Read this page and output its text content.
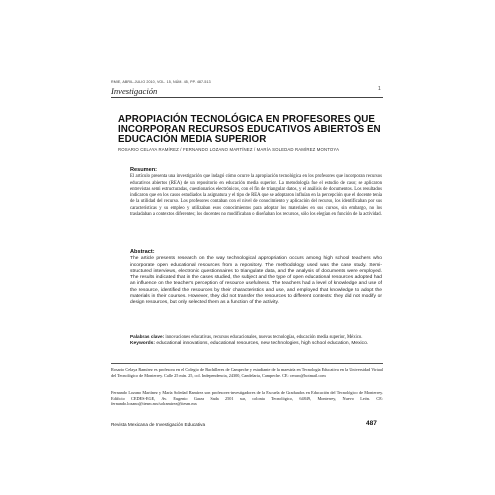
RMIE, ABRIL-JULIO 2010, VOL. 15, NÚM. 45, PP. 487-513
Investigación	1
APROPIACIÓN TECNOLÓGICA EN PROFESORES QUE INCORPORAN RECURSOS EDUCATIVOS ABIERTOS EN EDUCACIÓN MEDIA SUPERIOR
ROSARIO CELAYA RAMÍREZ / FERNANDO LOZANO MARTÍNEZ / MARÍA SOLEDAD RAMÍREZ MONTOYA
Resumen:
El artículo presenta una investigación que indagó cómo ocurre la apropiación tecnológica en los profesores que incorporan recursos educativos abiertos (REA) de un repositorio en educación media superior. La metodología fue el estudio de caso; se aplicaron entrevistas semi estructuradas, cuestionarios electrónicos, con el fin de triangular datos, y el análisis de documentos. Los resultados indicaron que en los casos estudiados la asignatura y el tipo de REA que se adoptaron influían en la percepción que el docente tenía de la utilidad del recurso. Los profesores contaban con el nivel de conocimiento y aplicación del recurso, los identificaban por sus características y su empleo y utilizaban esos conocimientos para adoptar los materiales en sus cursos, sin embargo, no los trasladaban a contextos diferentes; los docentes no modificaban o diseñaban los recursos, sólo los elegían en función de la actividad.
Abstract:
The article presents research on the way technological appropriation occurs among high school teachers who incorporate open educational resources from a repository. The methodology used was the case study. Semi-structured interviews, electronic questionnaires to triangulate data, and the analysis of documents were employed. The results indicated that in the cases studied, the subject and the type of open educational resources adopted had an influence on the teacher's perception of resource usefulness. The teachers had a level of knowledge and use of the resource, identified the resources by their characteristics and use, and employed that knowledge to adopt the materials in their courses. However, they did not transfer the resources to different contexts: they did not modify or design resources, but only selected them as a function of the activity.
Palabras clave: innovaciones educativas, recursos educacionales, nuevas tecnologías, educación media superior, México.
Keywords: educational innovations, educational resources, new technologies, high school education, Mexico.
Rosario Celaya Ramírez es profesora en el Colegio de Bachilleres de Campeche y estudiante de la maestría en Tecnología Educativa en la Universidad Virtual del Tecnológico de Monterrey. Calle 25 mín. 25, col. Independencia, 24300, Candelaria, Campeche. CE: ceraro@hotmail.com
Fernando Lozano Martínez y María Soledad Ramírez son profesores-investigadores de la Escuela de Graduados en Educación del Tecnológico de Monterrey. Edificio CEDES-EGE, Av. Eugenio Garza Sada 2501 sur, colonia Tecnológico, 64849, Monterrey, Nuevo León. CE: fernando.lozano@itesm.mx/solramirez@itesm.mx
Revista Mexicana de Investigación Educativa	487
